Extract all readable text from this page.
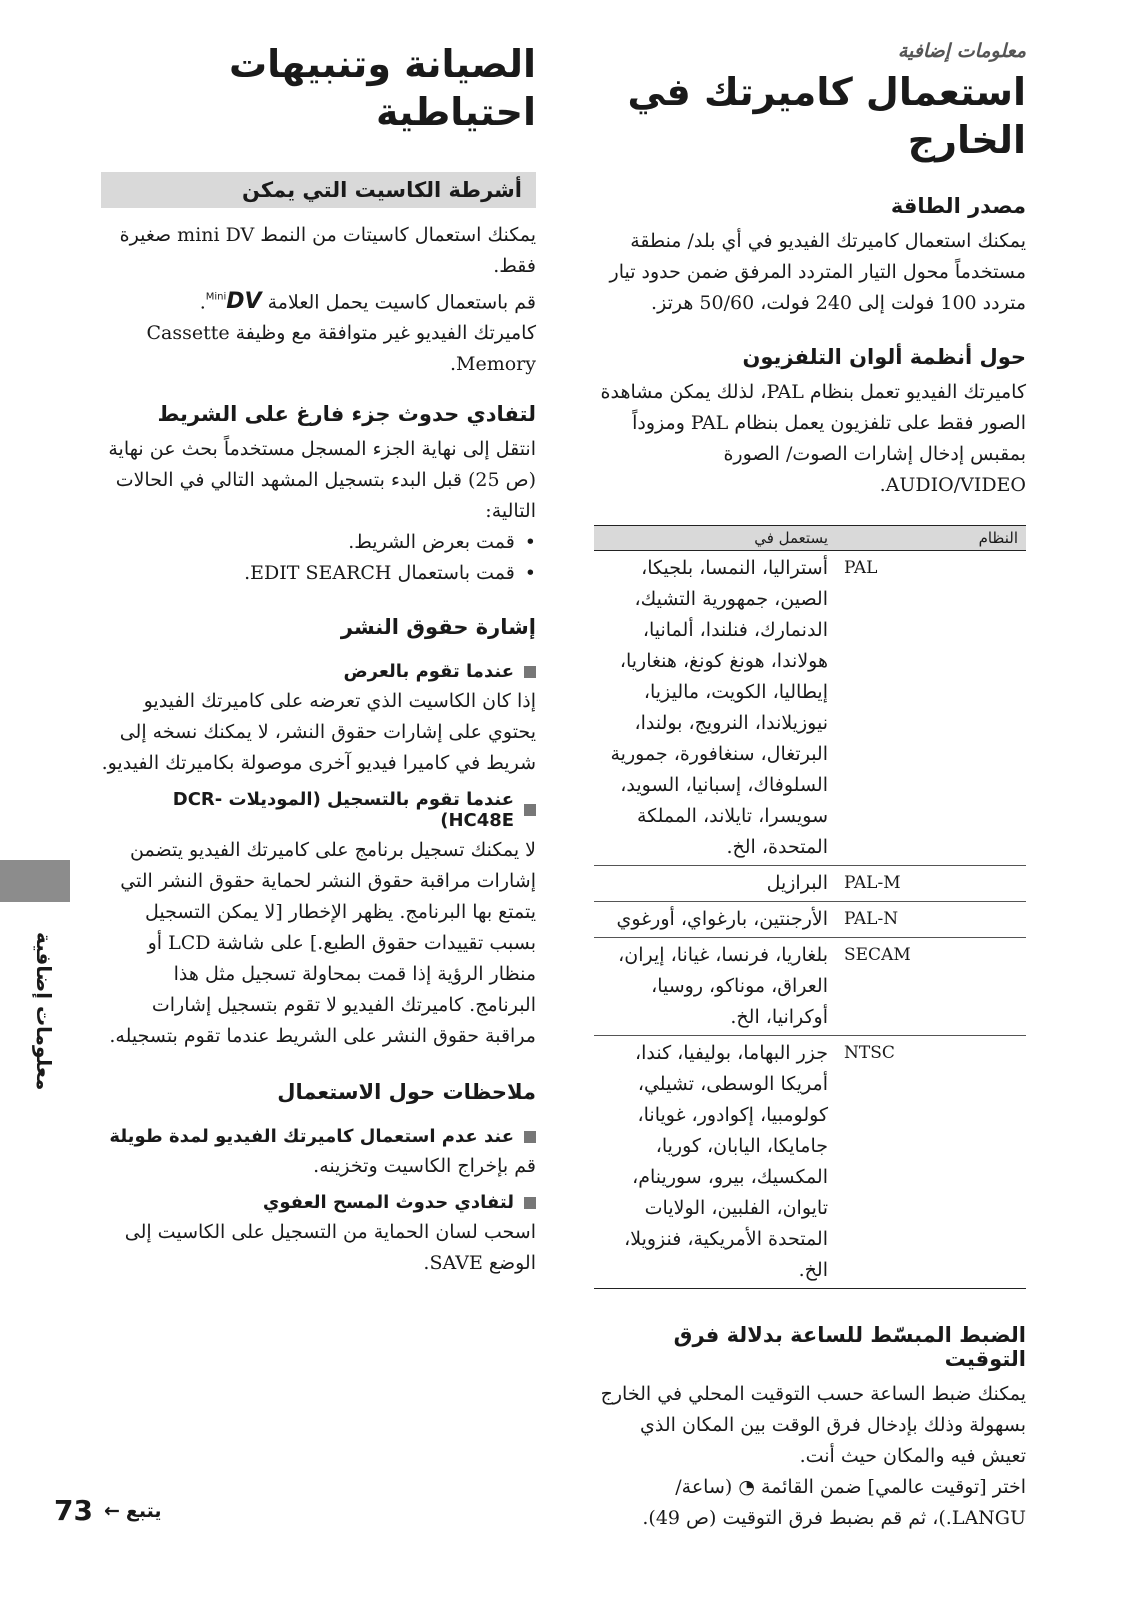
معلومات إضافية
استعمال كاميرتك في الخارج
مصدر الطاقة

يمكنك استعمال كاميرتك الفيديو في أي بلد/ منطقة مستخدماً محول التيار المتردد المرفق ضمن حدود تيار متردد 100 فولت إلى 240 فولت، 50/60 هرتز.

حول أنظمة ألوان التلفزيون

كاميرتك الفيديو تعمل بنظام PAL، لذلك يمكن مشاهدة الصور فقط على تلفزيون يعمل بنظام PAL ومزوداً بمقبس إدخال إشارات الصوت/ الصورة AUDIO/VIDEO.

النظام	يستعمل في
PAL	أستراليا، النمسا، بلجيكا، الصين، جمهورية التشيك، الدنمارك، فنلندا، ألمانيا، هولاندا، هونغ كونغ، هنغاريا، إيطاليا، الكويت، ماليزيا، نيوزيلاندا، النرويج، بولندا، البرتغال، سنغافورة، جمورية السلوفاك، إسبانيا، السويد، سويسرا، تايلاند، المملكة المتحدة، الخ.
PAL-M	البرازيل
PAL-N	الأرجنتين، بارغواي، أورغوي
SECAM	بلغاريا، فرنسا، غيانا، إيران، العراق، موناكو، روسيا، أوكرانيا، الخ.
NTSC	جزر البهاما، بوليفيا، كندا، أمريكا الوسطى، تشيلي، كولومبيا، إكوادور، غويانا، جامايكا، اليابان، كوريا، المكسيك، بيرو، سورينام، تايوان، الفلبين، الولايات المتحدة الأمريكية، فنزويلا، الخ.
الضبط المبسّط للساعة بدلالة فرق التوقيت

يمكنك ضبط الساعة حسب التوقيت المحلي في الخارج بسهولة وذلك بإدخال فرق الوقت بين المكان الذي تعيش فيه والمكان حيث أنت.

اختر [توقيت عالمي] ضمن القائمة ◔ (ساعة/ LANGU.)، ثم قم بضبط فرق التوقيت (ص 49).

الصيانة وتنبيهات احتياطية
أشرطة الكاسيت التي يمكن

يمكنك استعمال كاسيتات من النمط mini DV صغيرة فقط.

قم باستعمال كاسيت يحمل العلامة $^{Mini}$DV.

كاميرتك الفيديو غير متوافقة مع وظيفة Cassette Memory.

لتفادي حدوث جزء فارغ على الشريط

انتقل إلى نهاية الجزء المسجل مستخدماً بحث عن نهاية (ص 25) قبل البدء بتسجيل المشهد التالي في الحالات التالية:

• قمت بعرض الشريط.
• قمت باستعمال EDIT SEARCH.
إشارة حقوق النشر
عندما تقوم بالعرض

إذا كان الكاسيت الذي تعرضه على كاميرتك الفيديو يحتوي على إشارات حقوق النشر، لا يمكنك نسخه إلى شريط في كاميرا فيديو آخرى موصولة بكاميرتك الفيديو.

عندما تقوم بالتسجيل (الموديلات DCR-HC48E)

لا يمكنك تسجيل برنامج على كاميرتك الفيديو يتضمن إشارات مراقبة حقوق النشر لحماية حقوق النشر التي يتمتع بها البرنامج. يظهر الإخطار [لا يمكن التسجيل بسبب تقييدات حقوق الطبع.] على شاشة LCD أو منظار الرؤية إذا قمت بمحاولة تسجيل مثل هذا البرنامج. كاميرتك الفيديو لا تقوم بتسجيل إشارات مراقبة حقوق النشر على الشريط عندما تقوم بتسجيله.

ملاحظات حول الاستعمال
عند عدم استعمال كاميرتك الفيديو لمدة طويلة

قم بإخراج الكاسيت وتخزينه.

لتفادي حدوث المسح العفوي

اسحب لسان الحماية من التسجيل على الكاسيت إلى الوضع SAVE.

معلومات إضافية
73 ← يتبع
